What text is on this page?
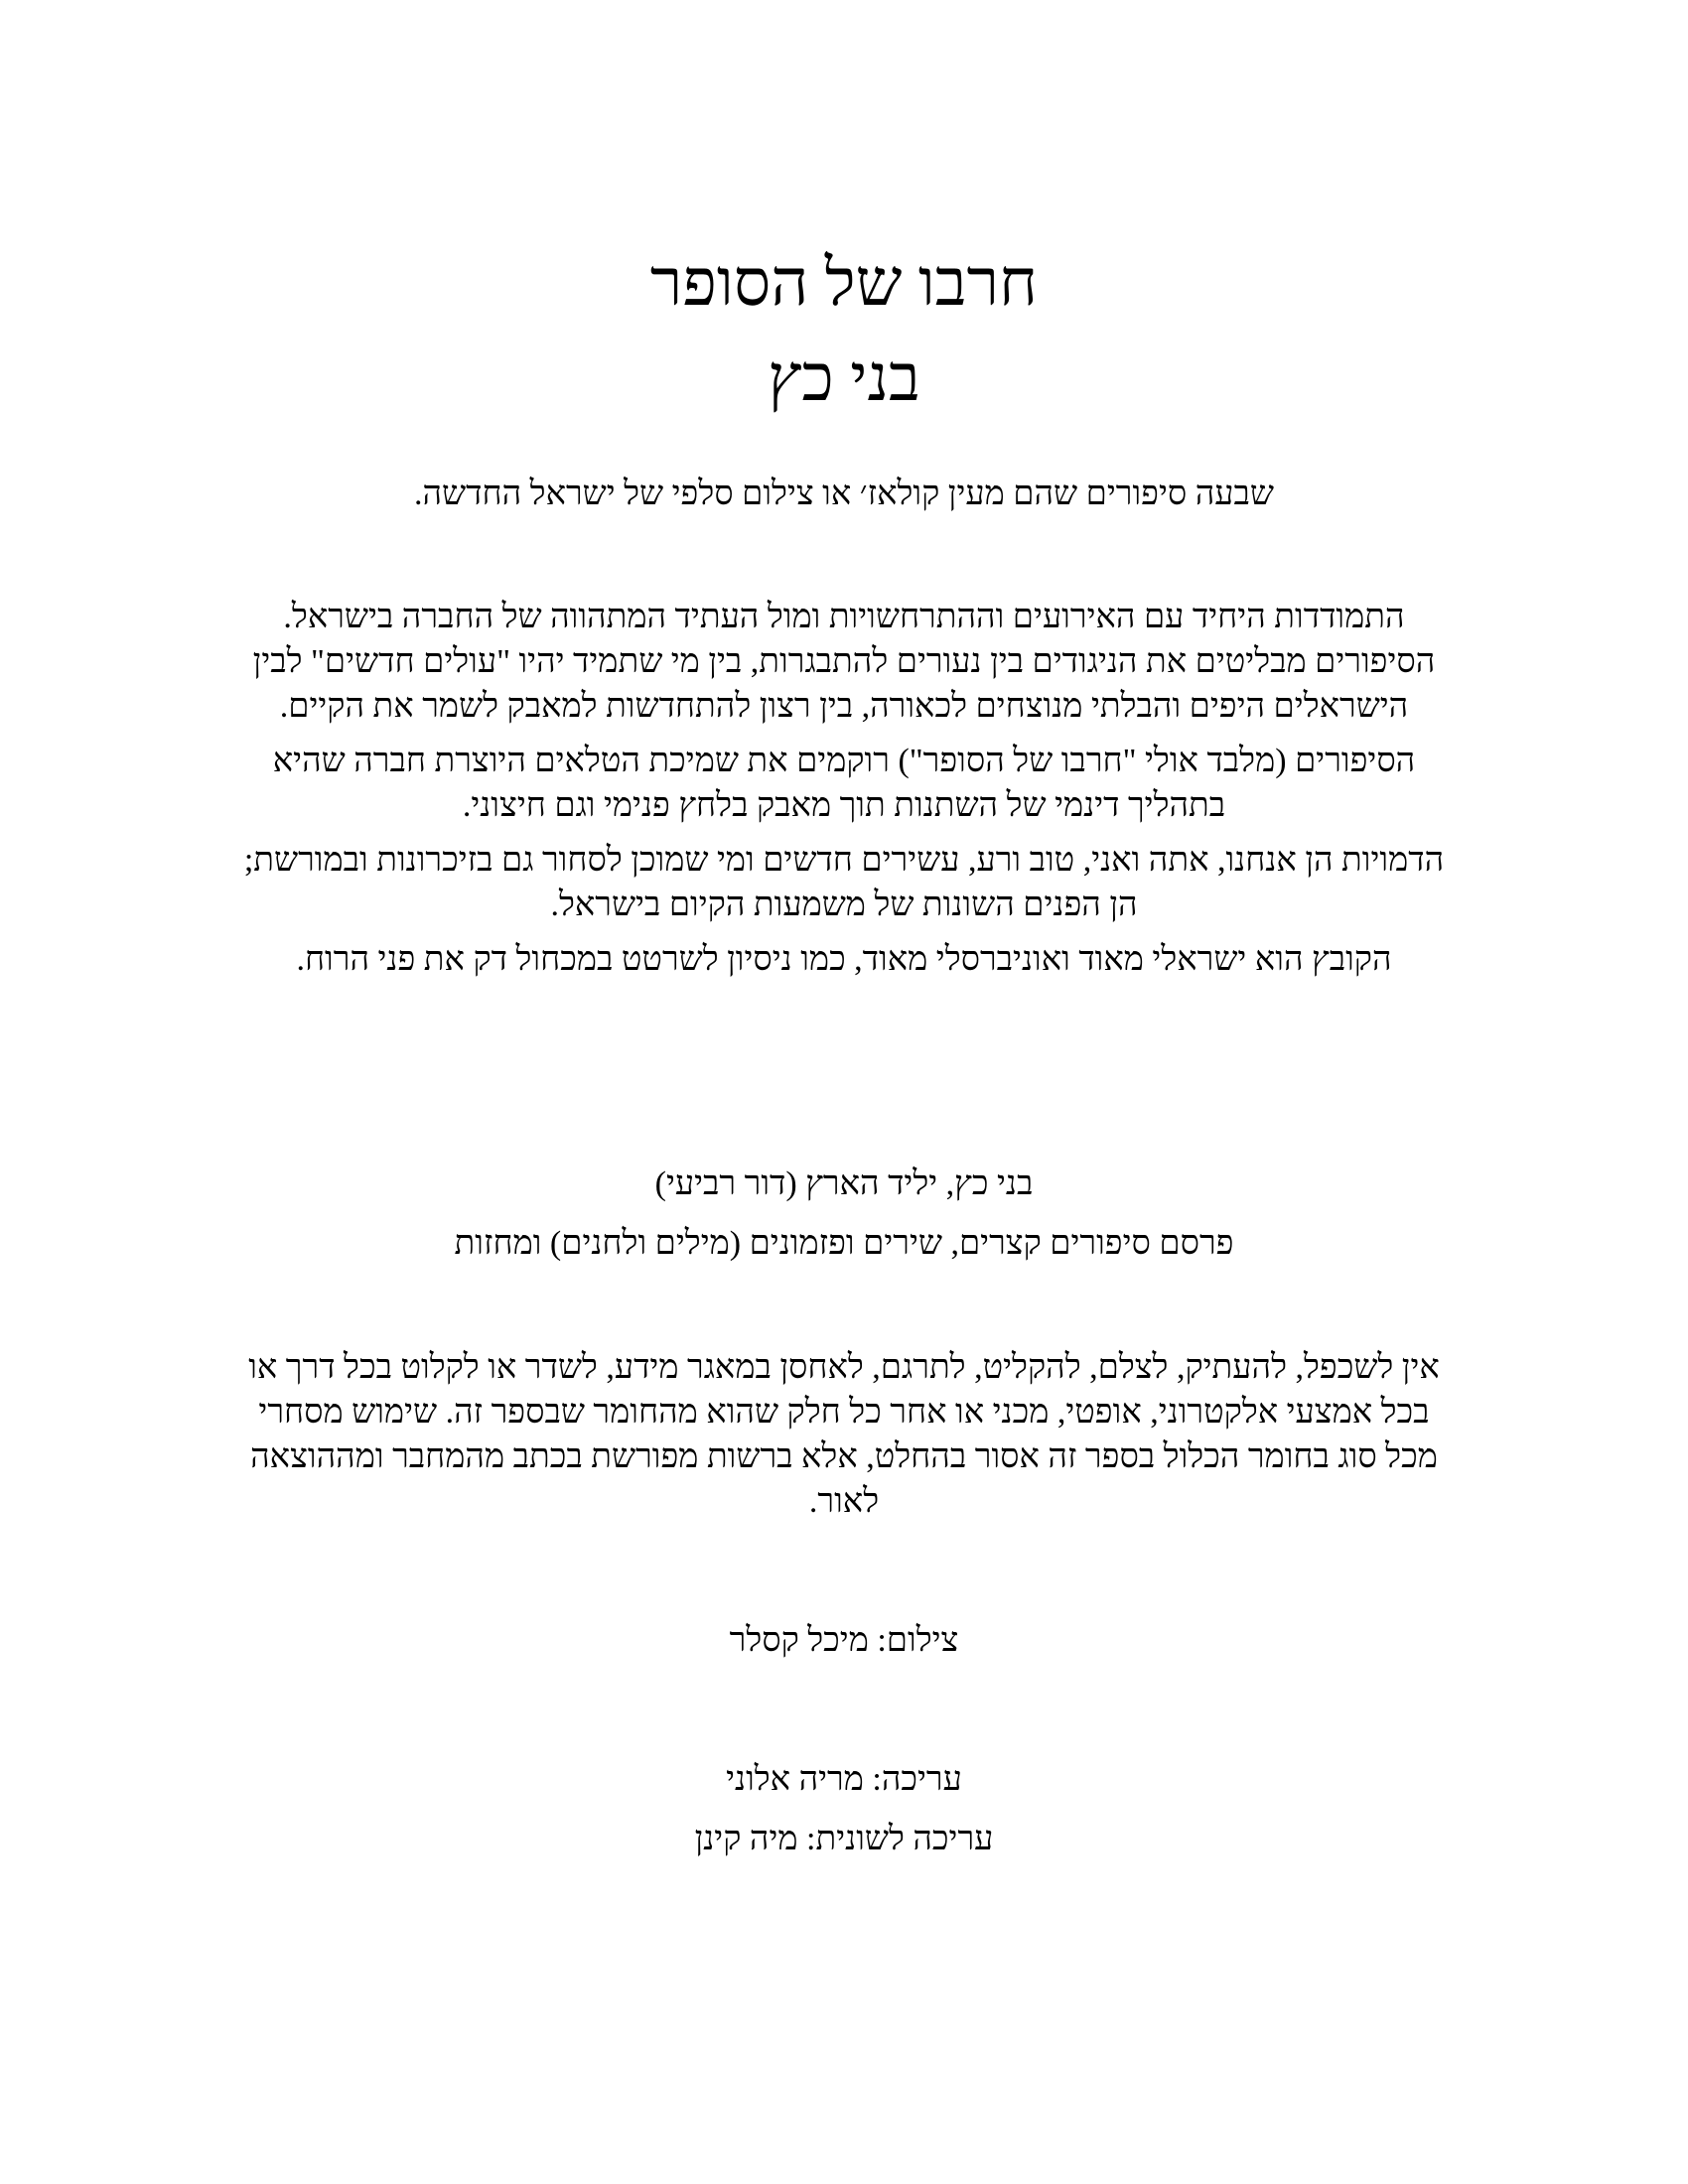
חרבו של הסופר
בני כץ

שבעה סיפורים שהם מעין קולאז׳ או צילום סלפי של ישראל החדשה.

התמודדות היחיד עם האירועים וההתרחשויות ומול העתיד המתהווה של החברה בישראל. הסיפורים מבליטים את הניגודים בין נעורים להתבגרות, בין מי שתמיד יהיו "עולים חדשים" לבין הישראלים היפים והבלתי מנוצחים לכאורה, בין רצון להתחדשות למאבק לשמר את הקיים.

הסיפורים (מלבד אולי "חרבו של הסופר") רוקמים את שמיכת הטלאים היוצרת חברה שהיא בתהליך דינמי של השתנות תוך מאבק בלחץ פנימי וגם חיצוני.

הדמויות הן אנחנו, אתה ואני, טוב ורע, עשירים חדשים ומי שמוכן לסחור גם בזיכרונות ובמורשת; הן הפנים השונות של משמעות הקיום בישראל.

הקובץ הוא ישראלי מאוד ואוניברסלי מאוד, כמו ניסיון לשרטט במכחול דק את פני הרוח.

בני כץ, יליד הארץ (דור רביעי)

פרסם סיפורים קצרים, שירים ופזמונים (מילים ולחנים) ומחזות

אין לשכפל, להעתיק, לצלם, להקליט, לתרגם, לאחסן במאגר מידע, לשדר או לקלוט בכל דרך או בכל אמצעי אלקטרוני, אופטי, מכני או אחר כל חלק שהוא מהחומר שבספר זה. שימוש מסחרי מכל סוג בחומר הכלול בספר זה אסור בהחלט, אלא ברשות מפורשת בכתב מהמחבר ומההוצאה לאור.

צילום: מיכל קסלר

עריכה: מריה אלוני

עריכה לשונית: מיה קינן
